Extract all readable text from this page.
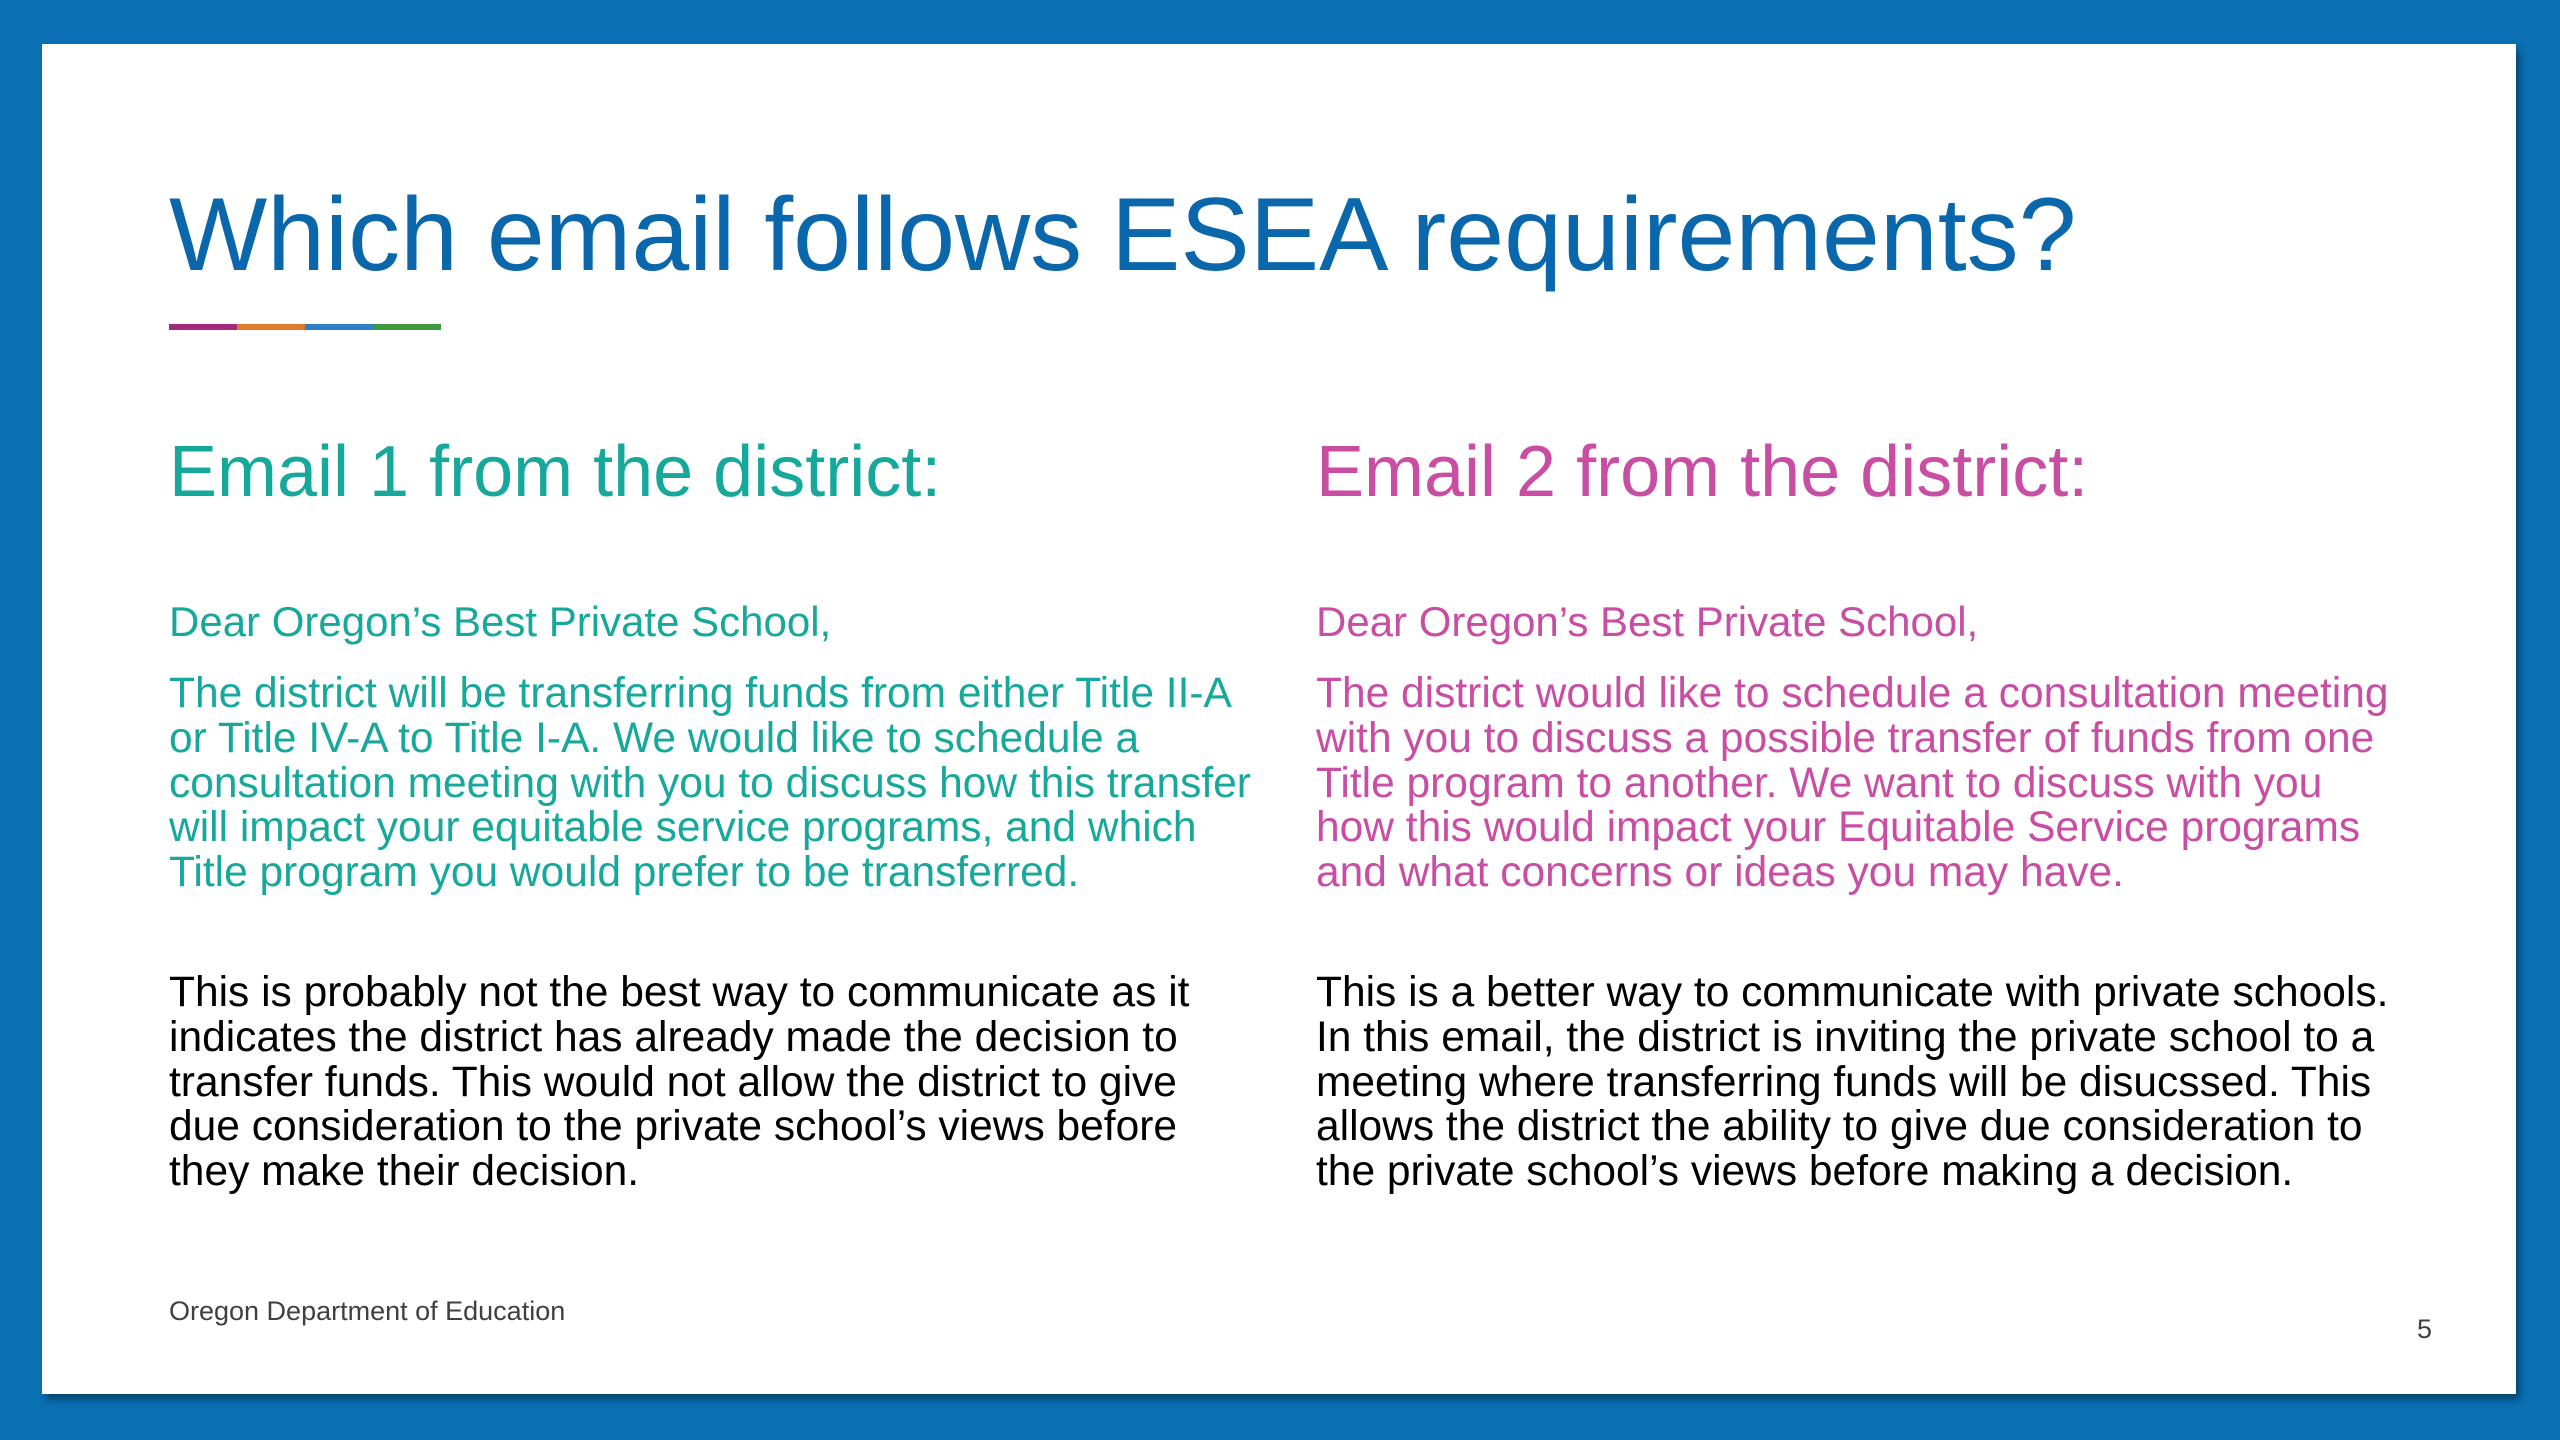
Which email follows ESEA requirements?
Email 1 from the district:

Dear Oregon’s Best Private School,

The district will be transferring funds from either Title II-A or Title IV-A to Title I-A. We would like to schedule a consultation meeting with you to discuss how this transfer will impact your equitable service programs, and which Title program you would prefer to be transferred.

This is probably not the best way to communicate as it indicates the district has already made the decision to transfer funds. This would not allow the district to give due consideration to the private school’s views before they make their decision.

Email 2 from the district:

Dear Oregon’s Best Private School,

The district would like to schedule a consultation meeting with you to discuss a possible transfer of funds from one Title program to another. We want to discuss with you how this would impact your Equitable Service programs and what concerns or ideas you may have.

This is a better way to communicate with private schools. In this email, the district is inviting the private school to a meeting where transferring funds will be disucssed. This allows the district the ability to give due consideration to the private school’s views before making a decision.

Oregon Department of Education
5
